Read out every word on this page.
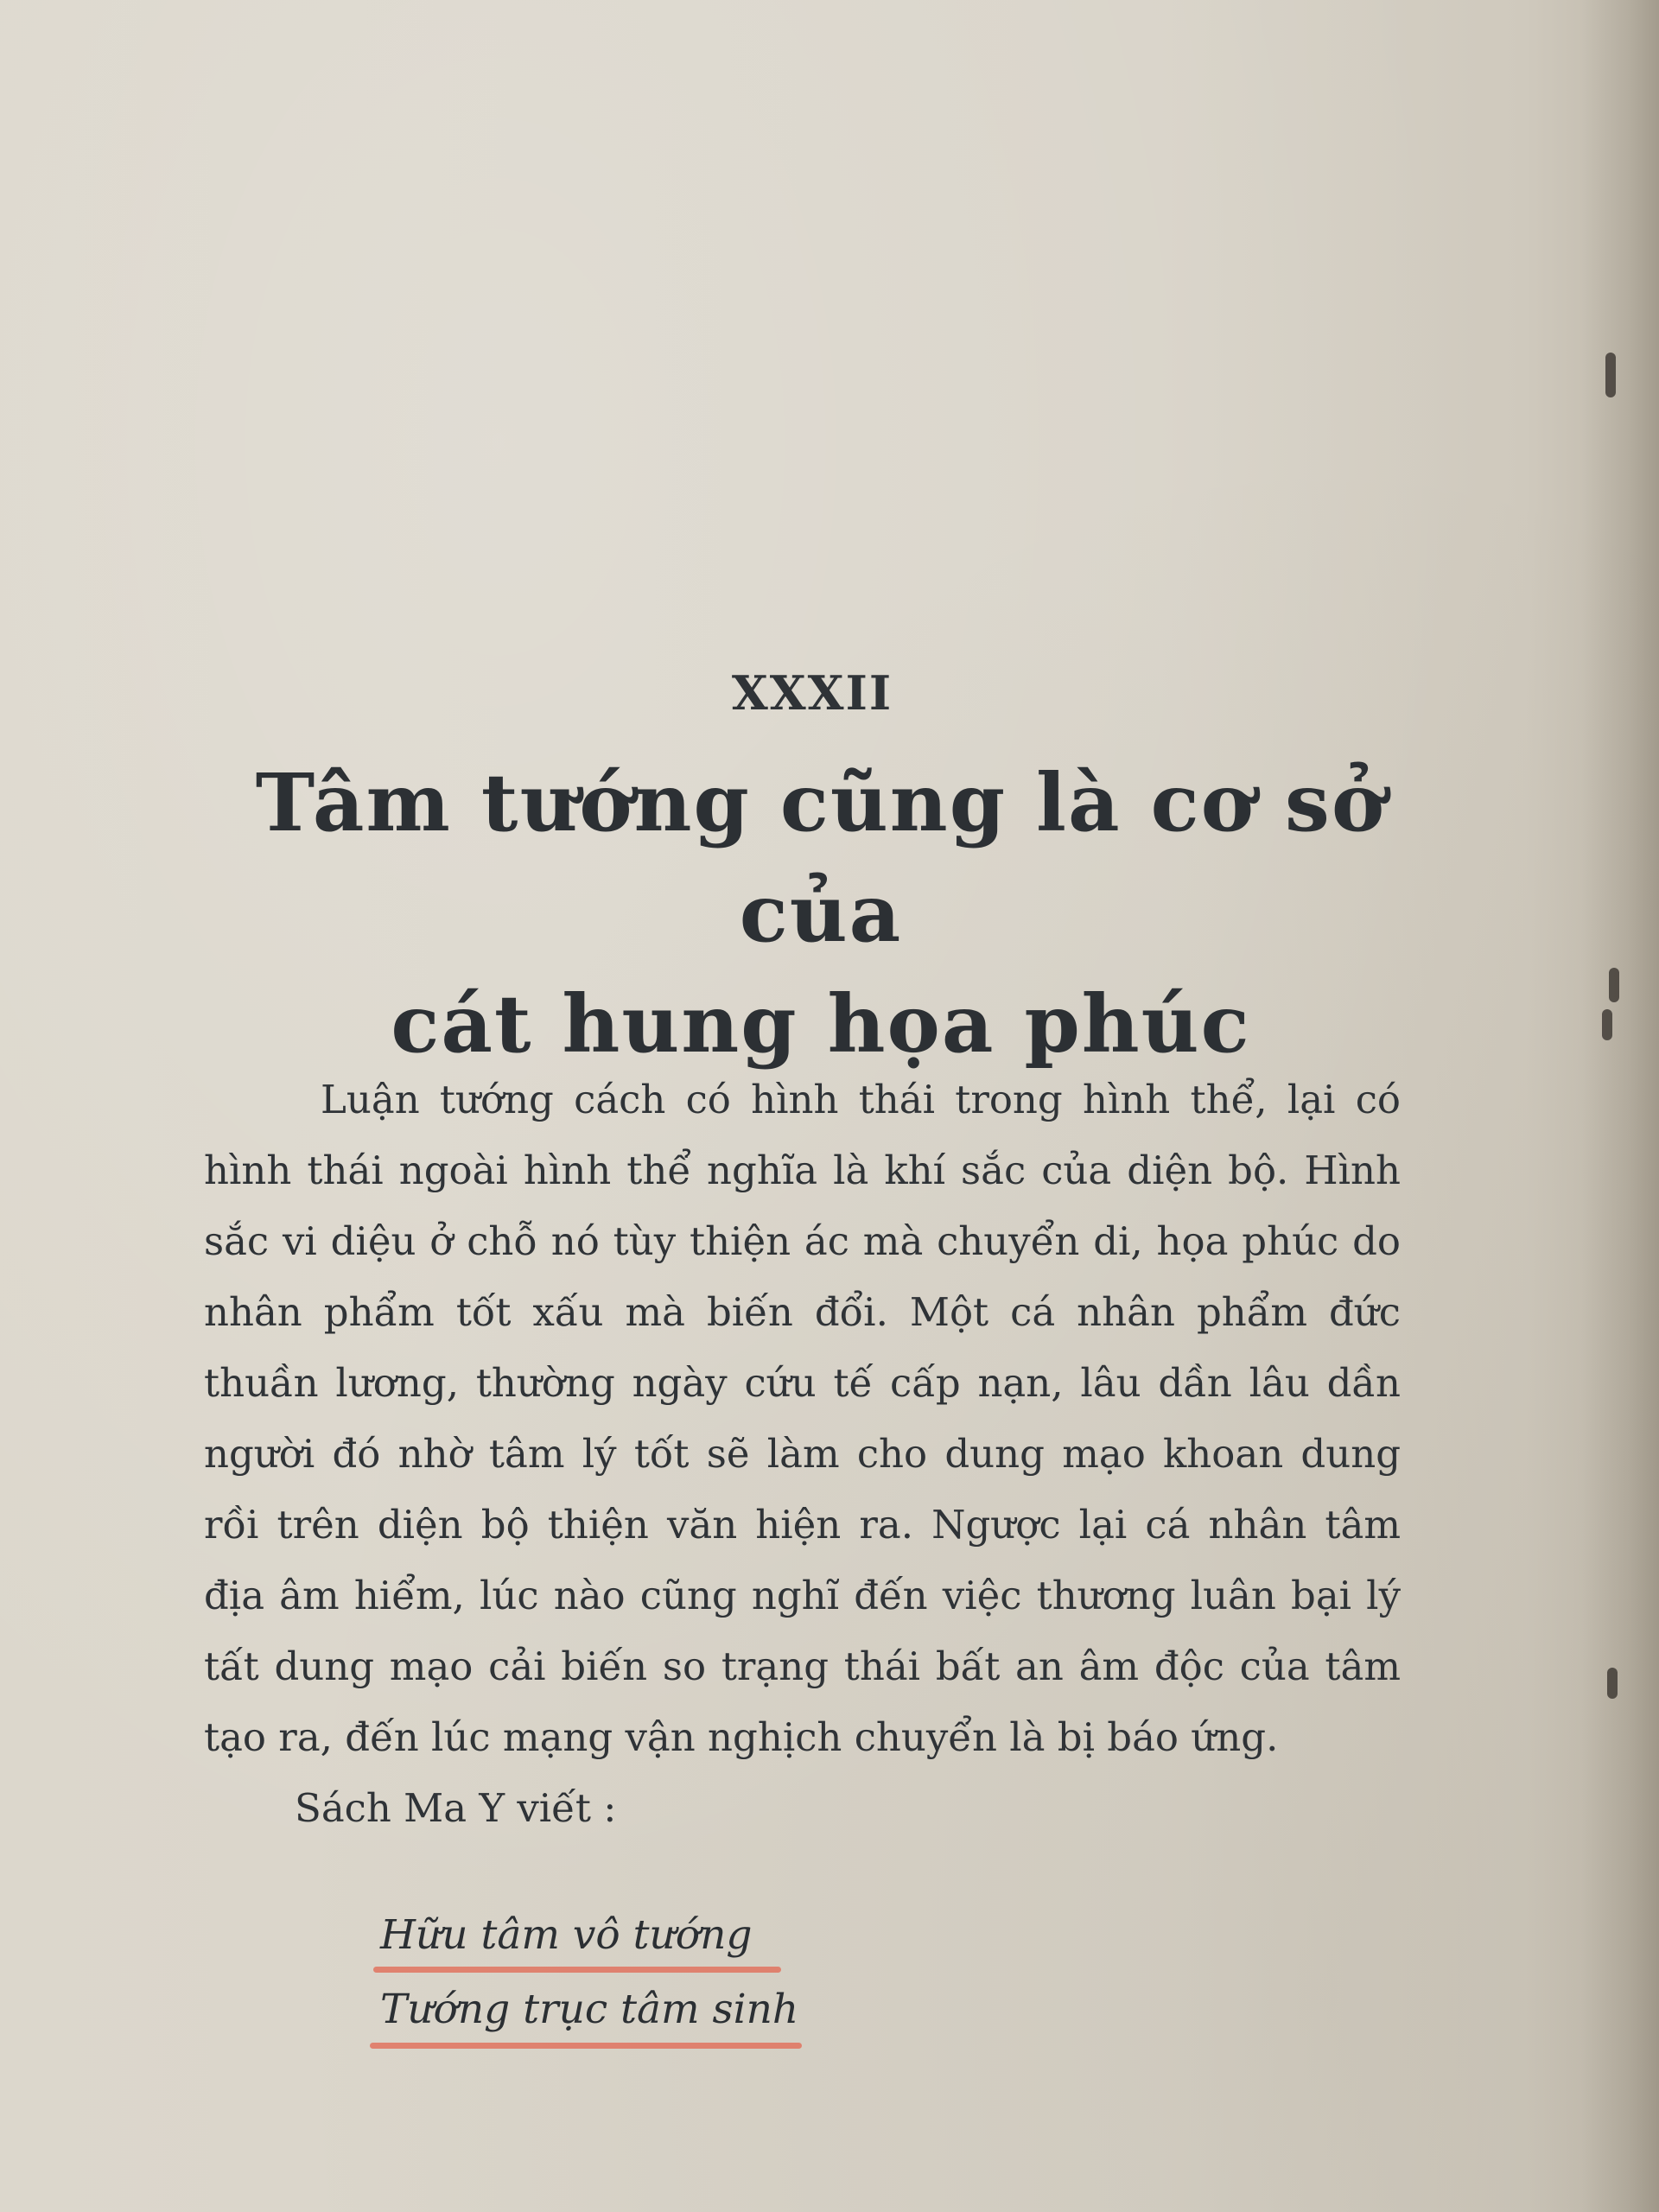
XXXII
Tâm tướng cũng là cơ sở của
cát hung họa phúc

Luận tướng cách có hình thái trong hình thể, lại có hình thái ngoài hình thể nghĩa là khí sắc của diện bộ. Hình sắc vi diệu ở chỗ nó tùy thiện ác mà chuyển di, họa phúc do nhân phẩm tốt xấu mà biến đổi. Một cá nhân phẩm đức thuần lương, thường ngày cứu tế cấp nạn, lâu dần lâu dần người đó nhờ tâm lý tốt sẽ làm cho dung mạo khoan dung rồi trên diện bộ thiện văn hiện ra. Ngược lại cá nhân tâm địa âm hiểm, lúc nào cũng nghĩ đến việc thương luân bại lý tất dung mạo cải biến so trạng thái bất an âm độc của tâm tạo ra, đến lúc mạng vận nghịch chuyển là bị báo ứng.

Sách Ma Y viết :

Hữu tâm vô tướng
Tướng trục tâm sinh
